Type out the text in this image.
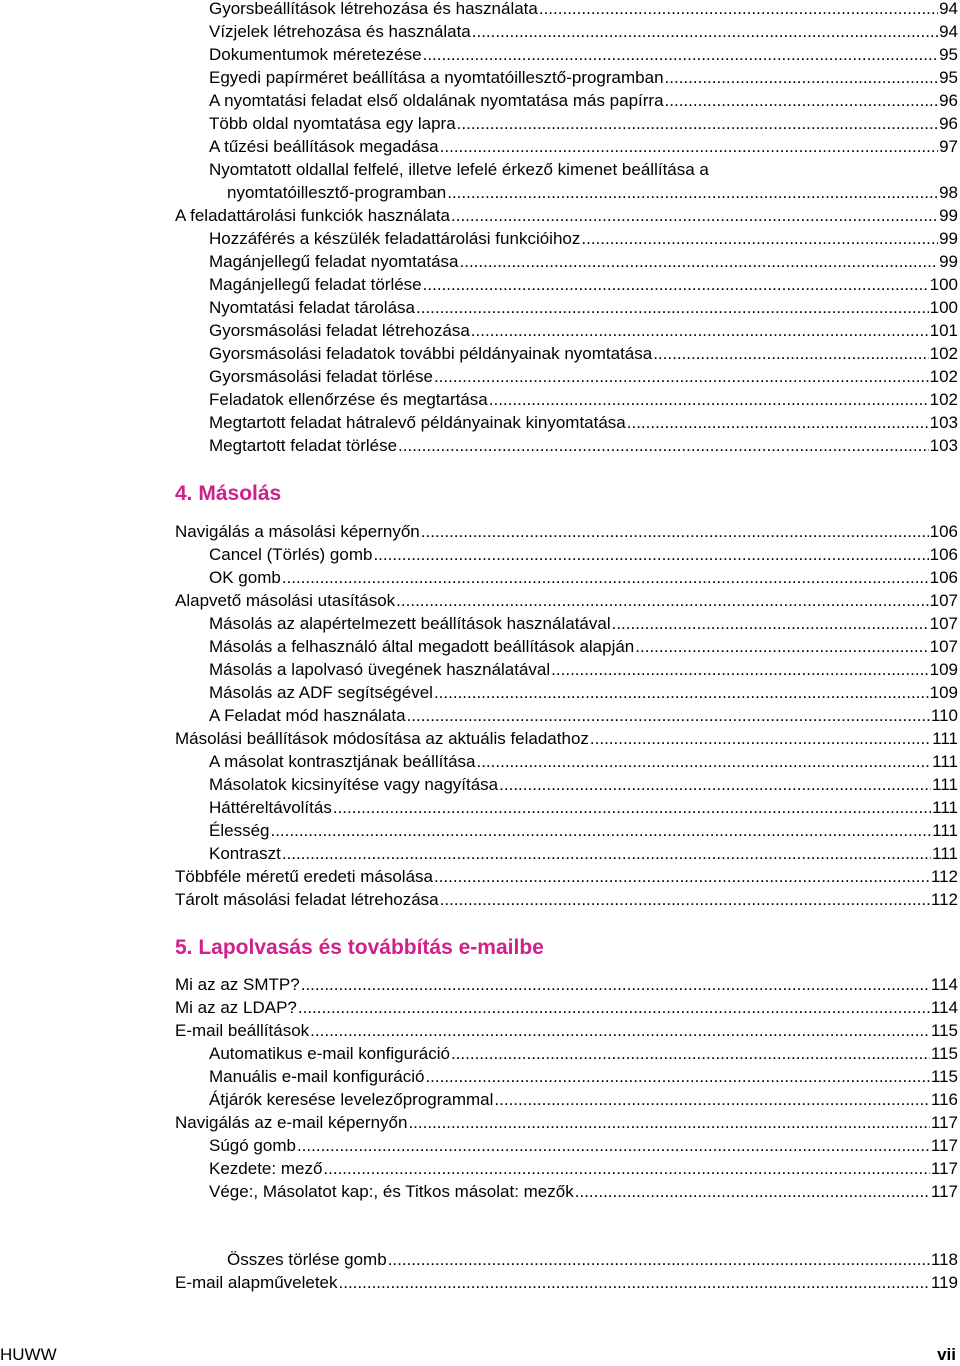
Gyorsbeállítások létrehozása és használata .....	94
Vízjelek létrehozása és használata .....	94
Dokumentumok méretezése .....	95
Egyedi papírméret beállítása a nyomtatóillesztő-programban .....	95
A nyomtatási feladat első oldalának nyomtatása más papírra .....	96
Több oldal nyomtatása egy lapra .....	96
A tűzési beállítások megadása .....	97
Nyomtatott oldallal felfelé, illetve lefelé érkező kimenet beállítása a
nyomtatóillesztő-programban .....	98
A feladattárolási funkciók használata .....	99
Hozzáférés a készülék feladattárolási funkcióihoz .....	99
Magánjellegű feladat nyomtatása .....	99
Magánjellegű feladat törlése .....	100
Nyomtatási feladat tárolása .....	100
Gyorsmásolási feladat létrehozása .....	101
Gyorsmásolási feladatok további példányainak nyomtatása .....	102
Gyorsmásolási feladat törlése .....	102
Feladatok ellenőrzése és megtartása .....	102
Megtartott feladat hátralevő példányainak kinyomtatása .....	103
Megtartott feladat törlése .....	103
4. Másolás
Navigálás a másolási képernyőn .....	106
Cancel (Törlés) gomb .....	106
OK gomb .....	106
Alapvető másolási utasítások .....	107
Másolás az alapértelmezett beállítások használatával .....	107
Másolás a felhasználó által megadott beállítások alapján .....	107
Másolás a lapolvasó üvegének használatával .....	109
Másolás az ADF segítségével .....	109
A Feladat mód használata .....	110
Másolási beállítások módosítása az aktuális feladathoz .....	111
A másolat kontrasztjának beállítása .....	111
Másolatok kicsinyítése vagy nagyítása .....	111
Háttéreltávolítás .....	111
Élesség .....	111
Kontraszt .....	111
Többféle méretű eredeti másolása .....	112
Tárolt másolási feladat létrehozása .....	112
5. Lapolvasás és továbbítás e-mailbe
Mi az az SMTP? .....	114
Mi az az LDAP? .....	114
E-mail beállítások .....	115
Automatikus e-mail konfiguráció .....	115
Manuális e-mail konfiguráció .....	115
Átjárók keresése levelezőprogrammal .....	116
Navigálás az e-mail képernyőn .....	117
Súgó gomb .....	117
Kezdete: mező .....	117
Vége:, Másolatot kap:, és Titkos másolat: mezők .....	117
Összes törlése gomb .....	118
E-mail alapműveletek .....	119
HUWW	vii
